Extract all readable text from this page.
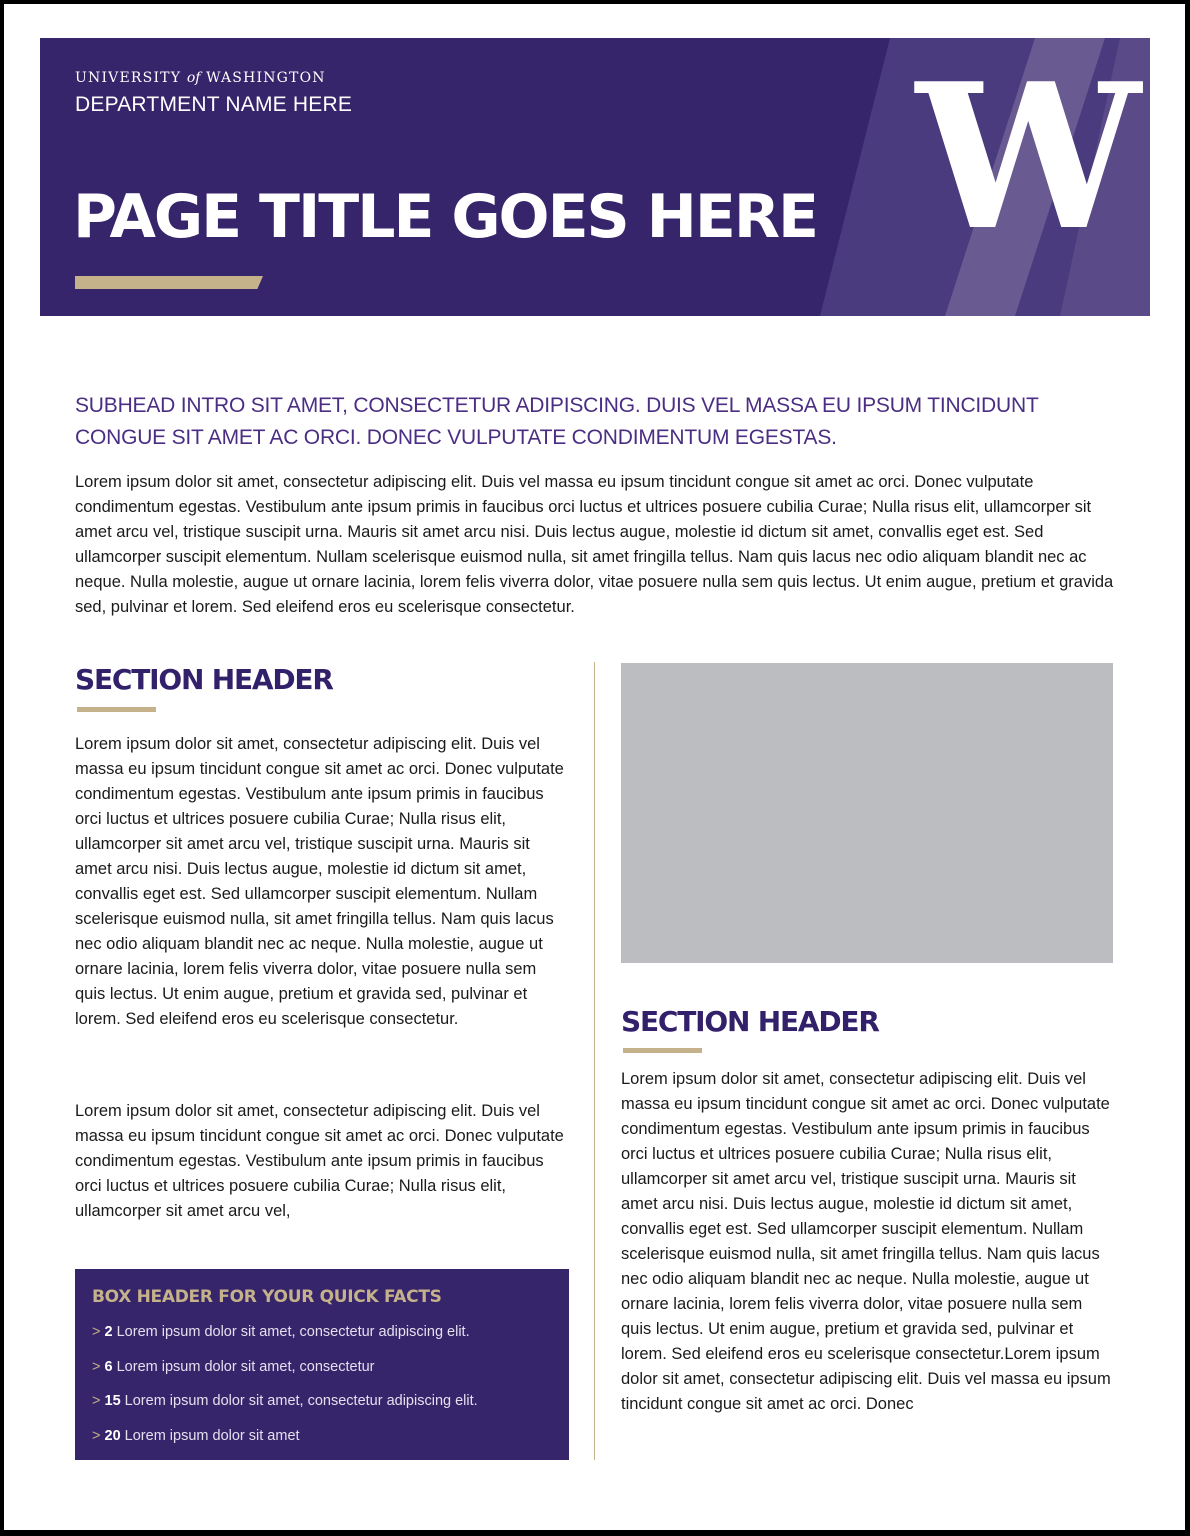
UNIVERSITY of WASHINGTON
DEPARTMENT NAME HERE
PAGE TITLE GOES HERE W
SUBHEAD INTRO SIT AMET, CONSECTETUR ADIPISCING. DUIS VEL MASSA EU IPSUM TINCIDUNT CONGUE SIT AMET AC ORCI. DONEC VULPUTATE CONDIMENTUM EGESTAS.
Lorem ipsum dolor sit amet, consectetur adipiscing elit. Duis vel massa eu ipsum tincidunt congue sit amet ac orci. Donec vulputate condimentum egestas. Vestibulum ante ipsum primis in faucibus orci luctus et ultrices posuere cubilia Curae; Nulla risus elit, ullamcorper sit amet arcu vel, tristique suscipit urna. Mauris sit amet arcu nisi. Duis lectus augue, molestie id dictum sit amet, convallis eget est. Sed ullamcorper suscipit elementum. Nullam scelerisque euismod nulla, sit amet fringilla tellus. Nam quis lacus nec odio aliquam blandit nec ac neque. Nulla molestie, augue ut ornare lacinia, lorem felis viverra dolor, vitae posuere nulla sem quis lectus. Ut enim augue, pretium et gravida sed, pulvinar et lorem. Sed eleifend eros eu scelerisque consectetur.
SECTION HEADER
Lorem ipsum dolor sit amet, consectetur adipiscing elit. Duis vel massa eu ipsum tincidunt congue sit amet ac orci. Donec vulputate condimentum egestas. Vestibulum ante ipsum primis in faucibus orci luctus et ultrices posuere cubilia Curae; Nulla risus elit, ullamcorper sit amet arcu vel, tristique suscipit urna. Mauris sit amet arcu nisi. Duis lectus augue, molestie id dictum sit amet, convallis eget est. Sed ullamcorper suscipit elementum. Nullam scelerisque euismod nulla, sit amet fringilla tellus. Nam quis lacus nec odio aliquam blandit nec ac neque. Nulla molestie, augue ut ornare lacinia, lorem felis viverra dolor, vitae posuere nulla sem quis lectus. Ut enim augue, pretium et gravida sed, pulvinar et lorem. Sed eleifend eros eu scelerisque consectetur.
Lorem ipsum dolor sit amet, consectetur adipiscing elit. Duis vel massa eu ipsum tincidunt congue sit amet ac orci. Donec vulputate condimentum egestas. Vestibulum ante ipsum primis in faucibus orci luctus et ultrices posuere cubilia Curae; Nulla risus elit, ullamcorper sit amet arcu vel,
BOX HEADER FOR YOUR QUICK FACTS
> 2 Lorem ipsum dolor sit amet, consectetur adipiscing elit.
> 6 Lorem ipsum dolor sit amet, consectetur
> 15 Lorem ipsum dolor sit amet, consectetur adipiscing elit.
> 20 Lorem ipsum dolor sit amet
SECTION HEADER
Lorem ipsum dolor sit amet, consectetur adipiscing elit. Duis vel massa eu ipsum tincidunt congue sit amet ac orci. Donec vulputate condimentum egestas. Vestibulum ante ipsum primis in faucibus orci luctus et ultrices posuere cubilia Curae; Nulla risus elit, ullamcorper sit amet arcu vel, tristique suscipit urna. Mauris sit amet arcu nisi. Duis lectus augue, molestie id dictum sit amet, convallis eget est. Sed ullamcorper suscipit elementum. Nullam scelerisque euismod nulla, sit amet fringilla tellus. Nam quis lacus nec odio aliquam blandit nec ac neque. Nulla molestie, augue ut ornare lacinia, lorem felis viverra dolor, vitae posuere nulla sem quis lectus. Ut enim augue, pretium et gravida sed, pulvinar et lorem. Sed eleifend eros eu scelerisque consectetur.Lorem ipsum dolor sit amet, consectetur adipiscing elit. Duis vel massa eu ipsum tincidunt congue sit amet ac orci. Donec
